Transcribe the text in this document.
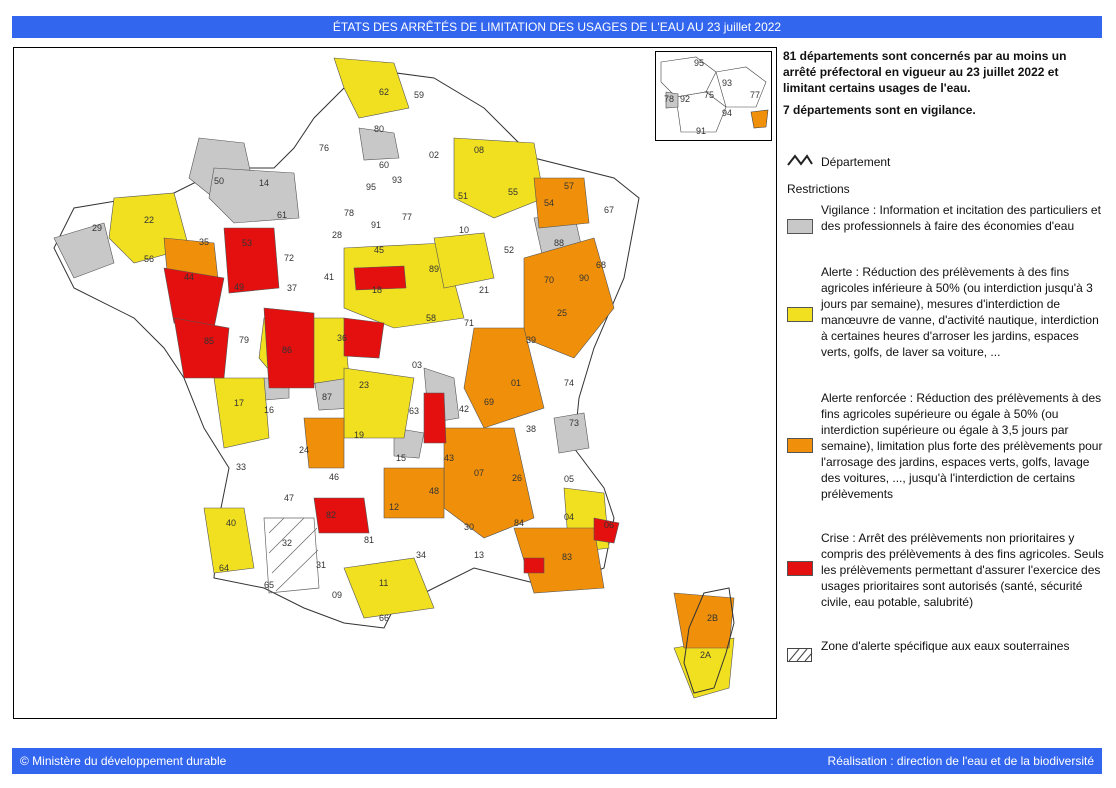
ÉTATS DES ARRÊTÉS DE LIMITATION DES USAGES DE L'EAU AU 23 juillet 2022
62	59
80
76
02	08
50	14
60
95
93
51	55
57
67
22
29
61	78
91
77
10
52
54
88
68
35	53
72
28
45
89
21
70
25
90
56
44
49	37
41
18
58	71
39
85	79
86
36
03
01	74
17
16
87
23
63	42
69
73
38
33
24
19
15	43
07	26	05
47
46
12
48
30	84
04
06
40
82
81
34	13	83
32
31
11
64
65
09
66	2B
2A
95
93
78 92 75	77
94
91

81 départements sont concernés par au moins un arrêté préfectoral en vigueur au 23 juillet 2022 et limitant certains usages de l'eau.

7 départements sont en vigilance.

Département
Restrictions
Vigilance : Information et incitation des particuliers et des professionnels à faire des économies d'eau
Alerte : Réduction des prélèvements à des fins agricoles inférieure à 50% (ou interdiction jusqu'à 3 jours par semaine), mesures d'interdiction de manœuvre de vanne, d'activité nautique, interdiction à certaines heures d'arroser les jardins, espaces verts, golfs, de laver sa voiture, ...
Alerte renforcée : Réduction des prélèvements à des fins agricoles supérieure ou égale à 50% (ou interdiction supérieure ou égale à 3,5 jours par semaine), limitation plus forte des prélèvements pour l'arrosage des jardins, espaces verts, golfs, lavage des voitures, ..., jusqu'à l'interdiction de certains prélèvements
Crise : Arrêt des prélèvements non prioritaires y compris des prélèvements à des fins agricoles. Seuls les prélèvements permettant d'assurer l'exercice des usages prioritaires sont autorisés (santé, sécurité civile, eau potable, salubrité)
Zone d'alerte spécifique aux eaux souterraines
© Ministère du développement durable	Réalisation : direction de l'eau et de la biodiversité
